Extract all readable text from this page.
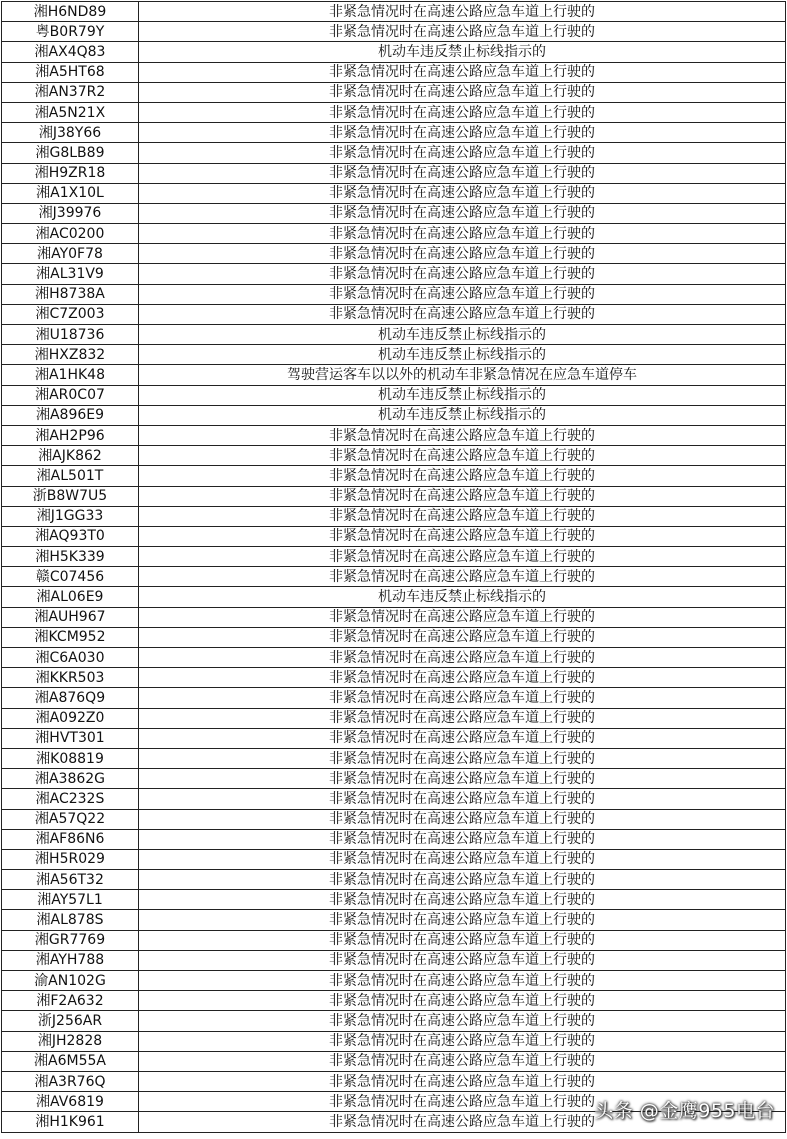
湘H6ND89	非紧急情况时在高速公路应急车道上行驶的
粤B0R79Y	非紧急情况时在高速公路应急车道上行驶的
湘AX4Q83	机动车违反禁止标线指示的
湘A5HT68	非紧急情况时在高速公路应急车道上行驶的
湘AN37R2	非紧急情况时在高速公路应急车道上行驶的
湘A5N21X	非紧急情况时在高速公路应急车道上行驶的
湘J38Y66	非紧急情况时在高速公路应急车道上行驶的
湘G8LB89	非紧急情况时在高速公路应急车道上行驶的
湘H9ZR18	非紧急情况时在高速公路应急车道上行驶的
湘A1X10L	非紧急情况时在高速公路应急车道上行驶的
湘J39976	非紧急情况时在高速公路应急车道上行驶的
湘AC0200	非紧急情况时在高速公路应急车道上行驶的
湘AY0F78	非紧急情况时在高速公路应急车道上行驶的
湘AL31V9	非紧急情况时在高速公路应急车道上行驶的
湘H8738A	非紧急情况时在高速公路应急车道上行驶的
湘C7Z003	非紧急情况时在高速公路应急车道上行驶的
湘U18736	机动车违反禁止标线指示的
湘HXZ832	机动车违反禁止标线指示的
湘A1HK48	驾驶营运客车以以外的机动车非紧急情况在应急车道停车
湘AR0C07	机动车违反禁止标线指示的
湘A896E9	机动车违反禁止标线指示的
湘AH2P96	非紧急情况时在高速公路应急车道上行驶的
湘AJK862	非紧急情况时在高速公路应急车道上行驶的
湘AL501T	非紧急情况时在高速公路应急车道上行驶的
浙B8W7U5	非紧急情况时在高速公路应急车道上行驶的
湘J1GG33	非紧急情况时在高速公路应急车道上行驶的
湘AQ93T0	非紧急情况时在高速公路应急车道上行驶的
湘H5K339	非紧急情况时在高速公路应急车道上行驶的
赣C07456	非紧急情况时在高速公路应急车道上行驶的
湘AL06E9	机动车违反禁止标线指示的
湘AUH967	非紧急情况时在高速公路应急车道上行驶的
湘KCM952	非紧急情况时在高速公路应急车道上行驶的
湘C6A030	非紧急情况时在高速公路应急车道上行驶的
湘KKR503	非紧急情况时在高速公路应急车道上行驶的
湘A876Q9	非紧急情况时在高速公路应急车道上行驶的
湘A092Z0	非紧急情况时在高速公路应急车道上行驶的
湘HVT301	非紧急情况时在高速公路应急车道上行驶的
湘K08819	非紧急情况时在高速公路应急车道上行驶的
湘A3862G	非紧急情况时在高速公路应急车道上行驶的
湘AC232S	非紧急情况时在高速公路应急车道上行驶的
湘A57Q22	非紧急情况时在高速公路应急车道上行驶的
湘AF86N6	非紧急情况时在高速公路应急车道上行驶的
湘H5R029	非紧急情况时在高速公路应急车道上行驶的
湘A56T32	非紧急情况时在高速公路应急车道上行驶的
湘AY57L1	非紧急情况时在高速公路应急车道上行驶的
湘AL878S	非紧急情况时在高速公路应急车道上行驶的
湘GR7769	非紧急情况时在高速公路应急车道上行驶的
湘AYH788	非紧急情况时在高速公路应急车道上行驶的
渝AN102G	非紧急情况时在高速公路应急车道上行驶的
湘F2A632	非紧急情况时在高速公路应急车道上行驶的
浙J256AR	非紧急情况时在高速公路应急车道上行驶的
湘JH2828	非紧急情况时在高速公路应急车道上行驶的
湘A6M55A	非紧急情况时在高速公路应急车道上行驶的
湘A3R76Q	非紧急情况时在高速公路应急车道上行驶的
湘AV6819	非紧急情况时在高速公路应急车道上行驶的
湘H1K961	非紧急情况时在高速公路应急车道上行驶的 头条 @金鹰955电台
